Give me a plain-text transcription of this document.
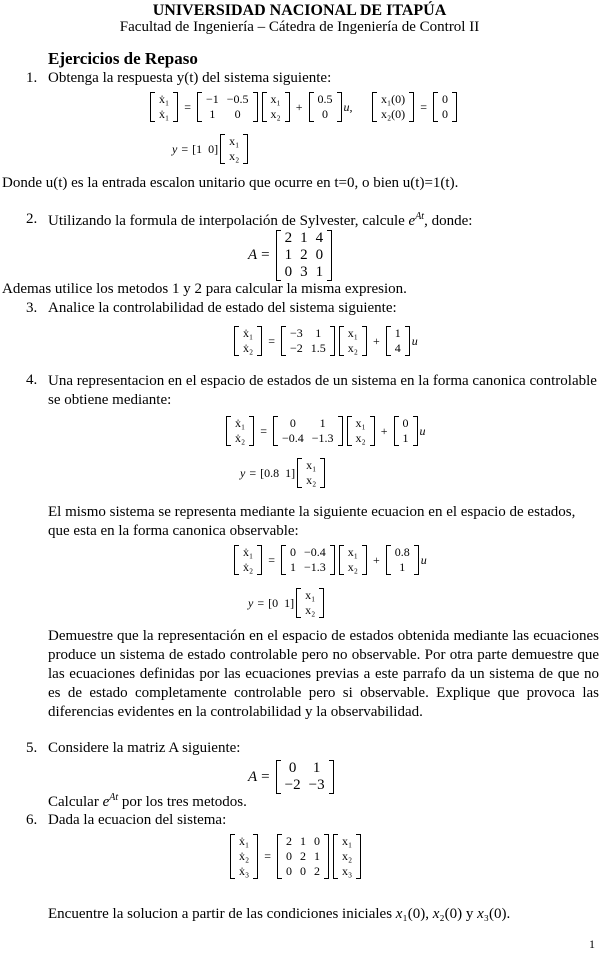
UNIVERSIDAD NACIONAL DE ITAPÚA
Facultad de Ingeniería – Cátedra de Ingeniería de Control II
Ejercicios de Repaso
1. Obtenga la respuesta y(t) del sistema siguiente:
ẋ₁
ẋ₁
=
−1 −0.5
1	0
x₁
x₂
+
0.5
0
u,
x₁(0)
x₂(0)
=
0
0
y = [1 0]
x₁
x₂
Donde u(t) es la entrada escalon unitario que ocurre en t=0, o bien u(t)=1(t).
2. Utilizando la formula de interpolación de Sylvester, calcule $e^{At}$, donde:
A =
2 1 4
1 2 0
0 3 1
Ademas utilice los metodos 1 y 2 para calcular la misma expresion.
3. Analice la controlabilidad de estado del sistema siguiente:
ẋ₁
ẋ₂
=
−3	1
−2 1.5
x₁
x₂
+
1
4
u
4. Una representacion en el espacio de estados de un sistema en la forma canonica controlable se obtiene mediante:
ẋ₁
ẋ₂
=
0	1
−0.4 −1.3
x₁
x₂
+
0
1
u
y = [0.8 1]
x₁
x₂
El mismo sistema se representa mediante la siguiente ecuacion en el espacio de estados, que esta en la forma canonica observable:
ẋ₁
ẋ₂
=
0 −0.4
1 −1.3
x₁
x₂
+
0.8
1
u
y = [0 1]
x₁
x₂
Demuestre que la representación en el espacio de estados obtenida mediante las ecuaciones produce un sistema de estado controlable pero no observable. Por otra parte demuestre que las ecuaciones definidas por las ecuaciones previas a este parrafo da un sistema de que no es de estado completamente controlable pero si observable. Explique que provoca las diferencias evidentes en la controlabilidad y la observabilidad.
5. Considere la matriz A siguiente:
A =
0	1
−2 −3
Calcular $e^{At}$ por los tres metodos.
6. Dada la ecuacion del sistema:
ẋ₁
ẋ₂
ẋ₃
=
2 1 0
0 2 1
0 0 2
x₁
x₂
x₃
Encuentre la solucion a partir de las condiciones iniciales x₁(0), x₂(0) y x₃(0).
1
